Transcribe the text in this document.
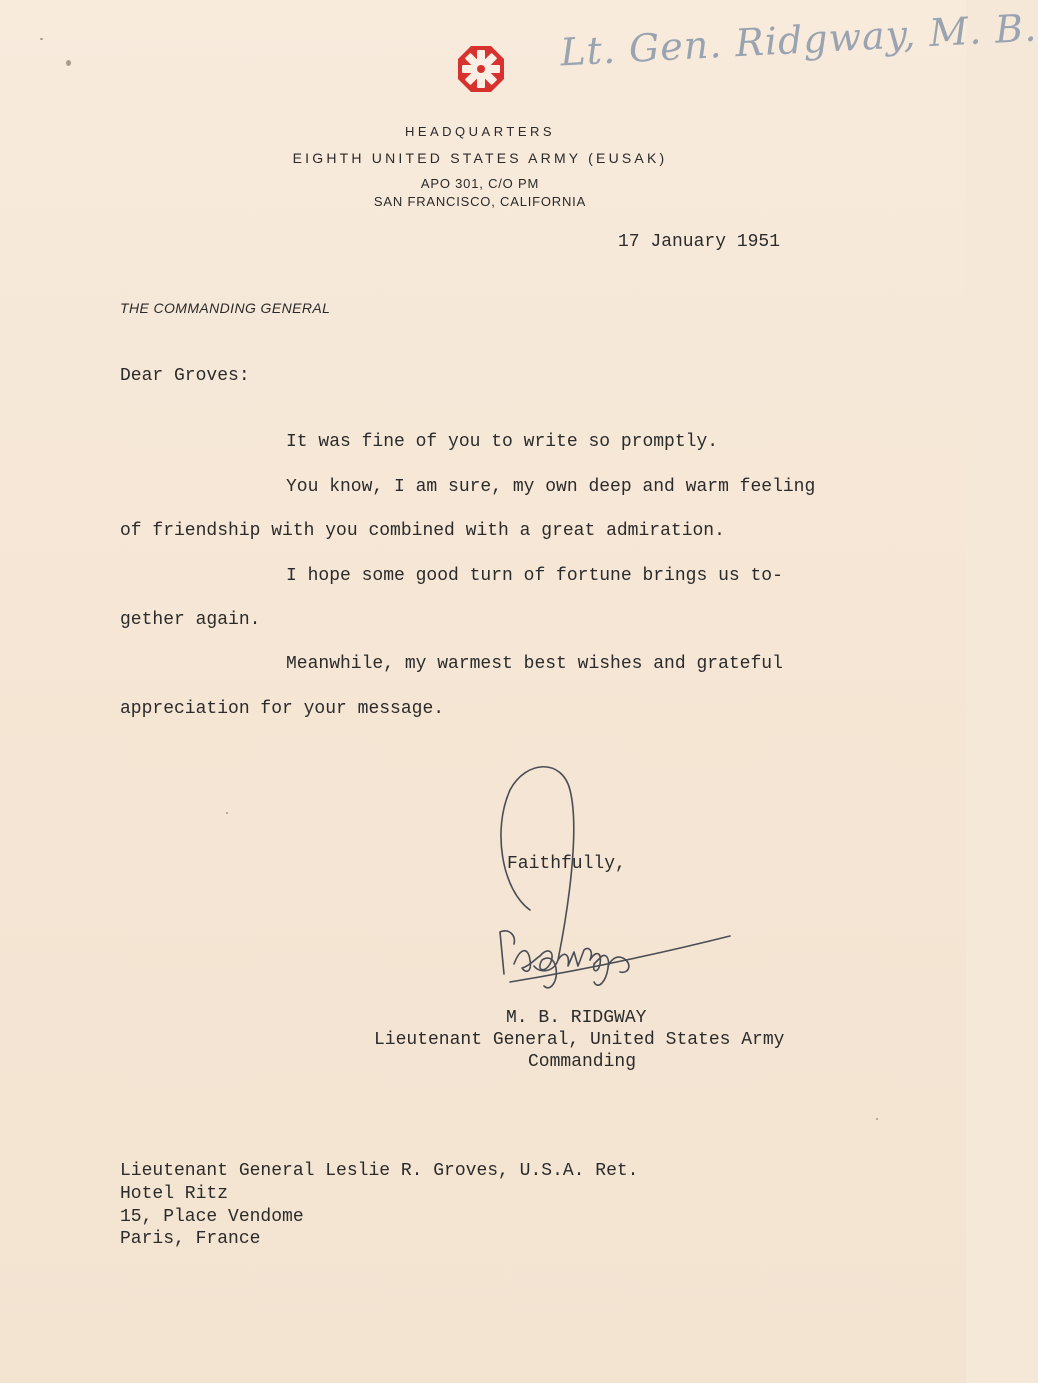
Lt. Gen. Ridgway, M. B.
HEADQUARTERS
EIGHTH UNITED STATES ARMY (EUSAK)
APO 301, C/O PM
SAN FRANCISCO, CALIFORNIA
17 January 1951
THE COMMANDING GENERAL
Dear Groves:
It was fine of you to write so promptly.
You know, I am sure, my own deep and warm feeling
of friendship with you combined with a great admiration.
I hope some good turn of fortune brings us to-
gether again.
Meanwhile, my warmest best wishes and grateful
appreciation for your message.
Faithfully,
M. B. RIDGWAY
Lieutenant General, United States Army
Commanding
Lieutenant General Leslie R. Groves, U.S.A. Ret.
Hotel Ritz
15, Place Vendome
Paris, France
